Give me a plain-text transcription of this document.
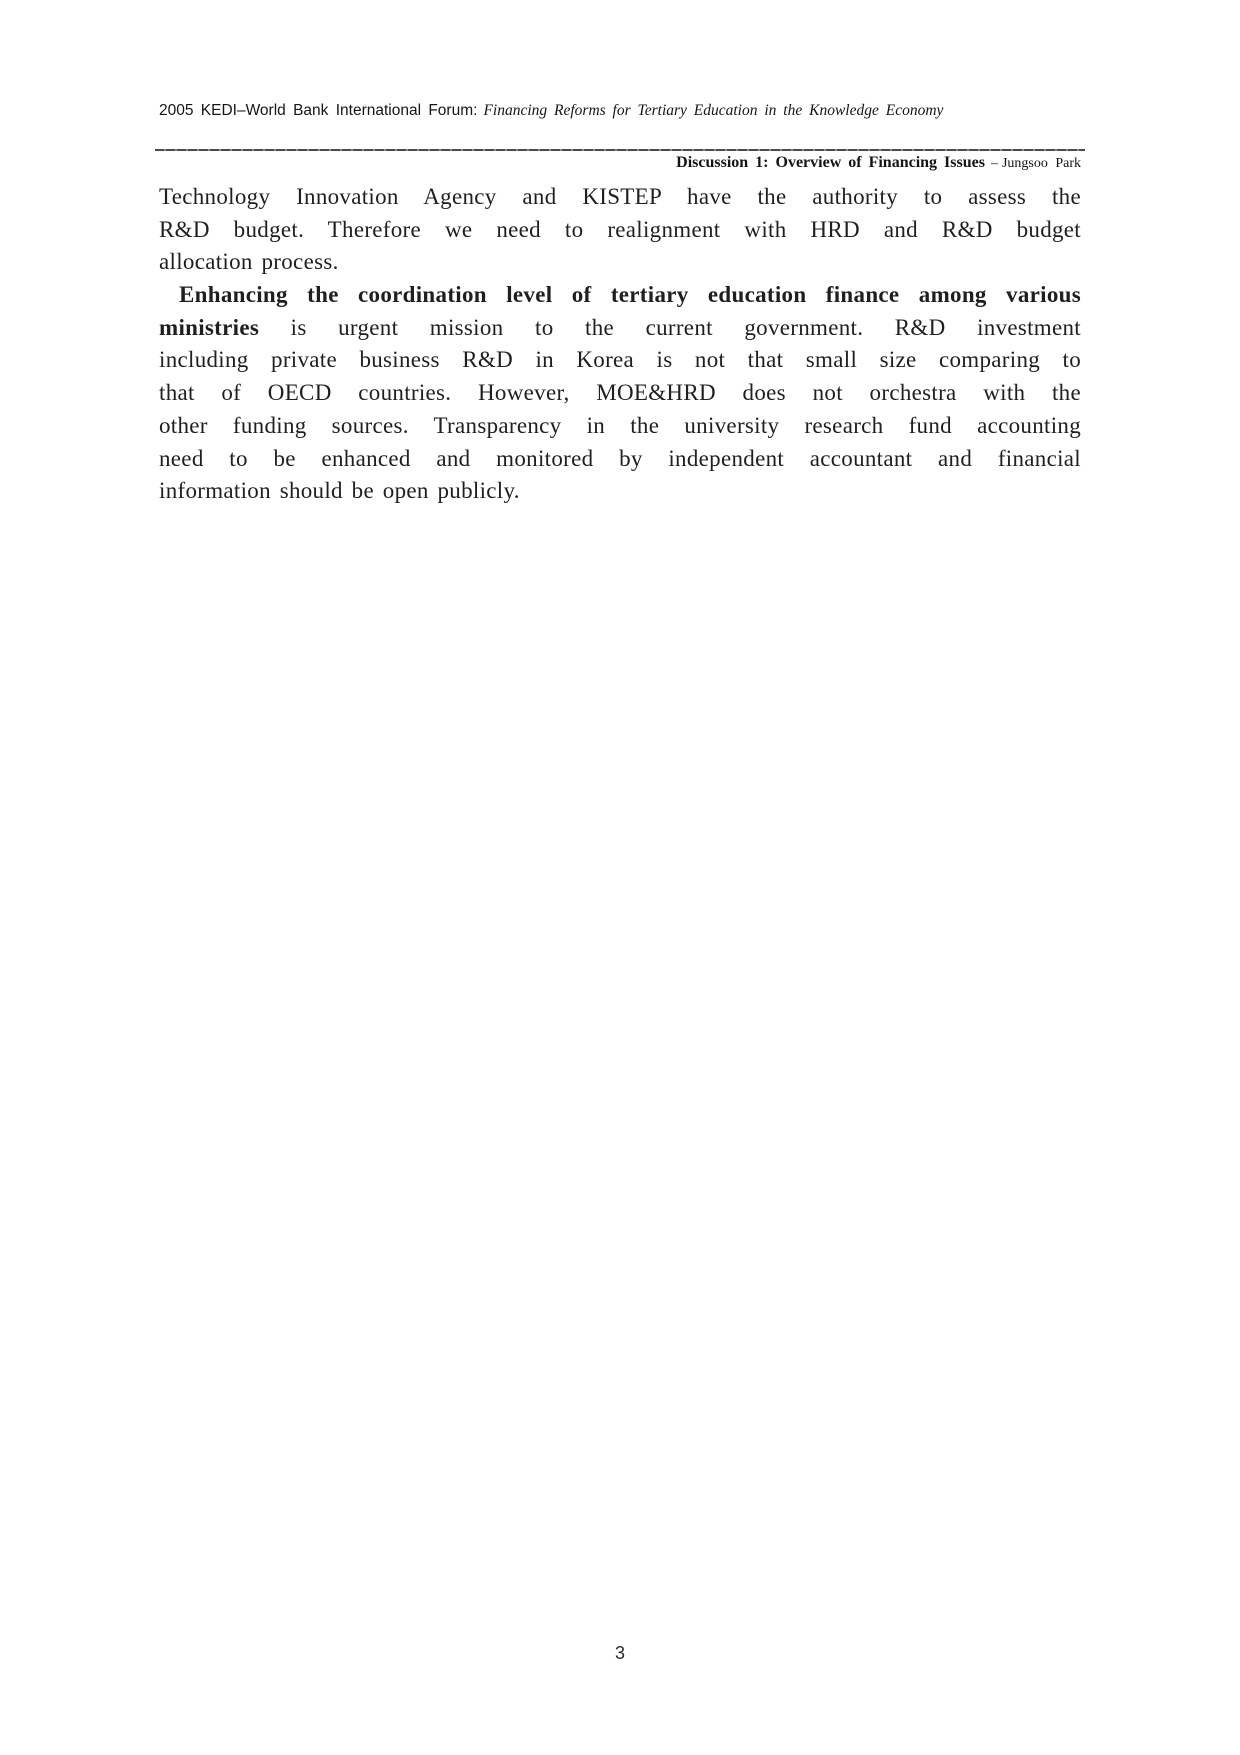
2005 KEDI–World Bank International Forum: Financing Reforms for Tertiary Education in the Knowledge Economy
Discussion 1: Overview of Financing Issues – Jungsoo Park
Technology Innovation Agency and KISTEP have the authority to assess the
R&D budget. Therefore we need to realignment with HRD and R&D budget
allocation process.
Enhancing the coordination level of tertiary education finance among various
ministries is urgent mission to the current government. R&D investment
including private business R&D in Korea is not that small size comparing to
that of OECD countries. However, MOE&HRD does not orchestra with the
other funding sources. Transparency in the university research fund accounting
need to be enhanced and monitored by independent accountant and financial
information should be open publicly.
3
